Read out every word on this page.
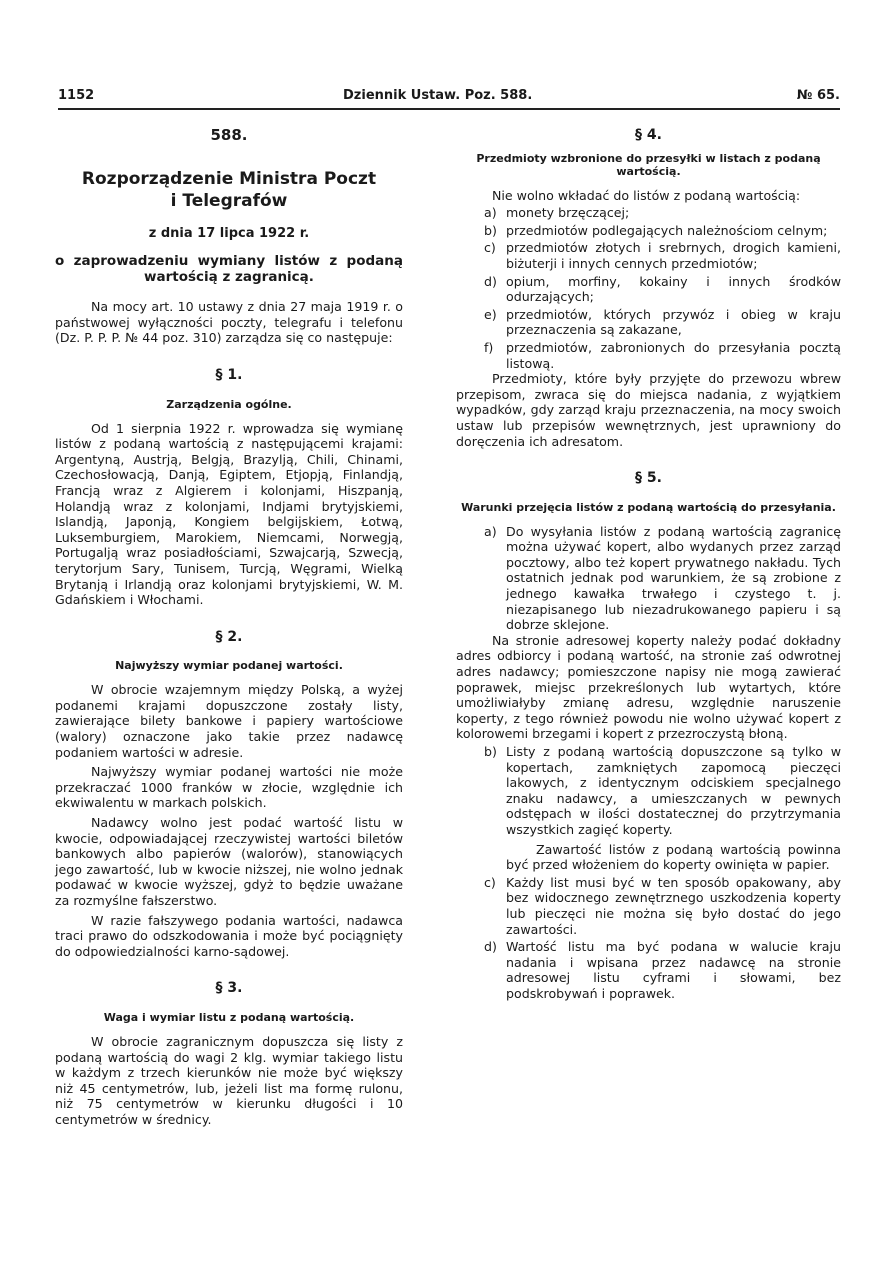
1152	Dziennik Ustaw. Poz. 588.	№ 65.
588.
Rozporządzenie Ministra Poczt
i Telegrafów
z dnia 17 lipca 1922 r.
o zaprowadzeniu wymiany listów z podaną wartością z zagranicą.

Na mocy art. 10 ustawy z dnia 27 maja 1919 r. o państwowej wyłączności poczty, telegrafu i telefonu (Dz. P. P. P. № 44 poz. 310) zarządza się co następuje:

§ 1.
Zarządzenia ogólne.

Od 1 sierpnia 1922 r. wprowadza się wymianę listów z podaną wartością z następującemi krajami: Argentyną, Austrją, Belgją, Brazylją, Chili, Chinami, Czechosłowacją, Danją, Egiptem, Etjopją, Finlandją, Francją wraz z Algierem i kolonjami, Hiszpanją, Holandją wraz z kolonjami, Indjami brytyjskiemi, Islandją, Japonją, Kongiem belgijskiem, Łotwą, Luksemburgiem, Marokiem, Niemcami, Norwegją, Portugalją wraz posiadłościami, Szwajcarją, Szwecją, terytorjum Sary, Tunisem, Turcją, Węgrami, Wielką Brytanją i Irlandją oraz kolonjami brytyjskiemi, W. M. Gdańskiem i Włochami.

§ 2.
Najwyższy wymiar podanej wartości.

W obrocie wzajemnym między Polską, a wyżej podanemi krajami dopuszczone zostały listy, zawierające bilety bankowe i papiery wartościowe (walory) oznaczone jako takie przez nadawcę podaniem wartości w adresie.

Najwyższy wymiar podanej wartości nie może przekraczać 1000 franków w złocie, względnie ich ekwiwalentu w markach polskich.

Nadawcy wolno jest podać wartość listu w kwocie, odpowiadającej rzeczywistej wartości biletów bankowych albo papierów (walorów), stanowiących jego zawartość, lub w kwocie niższej, nie wolno jednak podawać w kwocie wyższej, gdyż to będzie uważane za rozmyślne fałszerstwo.

W razie fałszywego podania wartości, nadawca traci prawo do odszkodowania i może być pociągnięty do odpowiedzialności karno-sądowej.

§ 3.
Waga i wymiar listu z podaną wartością.

W obrocie zagranicznym dopuszcza się listy z podaną wartością do wagi 2 klg. wymiar takiego listu w każdym z trzech kierunków nie może być większy niż 45 centymetrów, lub, jeżeli list ma formę rulonu, niż 75 centymetrów w kierunku długości i 10 centymetrów w średnicy.

§ 4.
Przedmioty wzbronione do przesyłki w listach z podaną wartością.

Nie wolno wkładać do listów z podaną wartością:

a) monety brzęczącej;
b) przedmiotów podlegających należnościom celnym;
c) przedmiotów złotych i srebrnych, drogich kamieni, biżuterji i innych cennych przedmiotów;
d) opium, morfiny, kokainy i innych środków odurzających;
e) przedmiotów, których przywóz i obieg w kraju przeznaczenia są zakazane,
f)	przedmiotów, zabronionych do przesyłania pocztą listową.

Przedmioty, które były przyjęte do przewozu wbrew przepisom, zwraca się do miejsca nadania, z wyjątkiem wypadków, gdy zarząd kraju przeznaczenia, na mocy swoich ustaw lub przepisów wewnętrznych, jest uprawniony do doręczenia ich adresatom.

§ 5.
Warunki przejęcia listów z podaną wartością do przesyłania.
a) Do wysyłania listów z podaną wartością zagranicę można używać kopert, albo wydanych przez zarząd pocztowy, albo też kopert prywatnego nakładu. Tych ostatnich jednak pod warunkiem, że są zrobione z jednego kawałka trwałego i czystego t. j. niezapisanego lub niezadrukowanego papieru i są dobrze sklejone.

Na stronie adresowej koperty należy podać dokładny adres odbiorcy i podaną wartość, na stronie zaś odwrotnej adres nadawcy; pomieszczone napisy nie mogą zawierać poprawek, miejsc przekreślonych lub wytartych, które umożliwiałyby zmianę adresu, względnie naruszenie koperty, z tego również powodu nie wolno używać kopert z kolorowemi brzegami i kopert z przezroczystą błoną.

b) Listy z podaną wartością dopuszczone są tylko w kopertach, zamkniętych zapomocą pieczęci lakowych, z identycznym odciskiem specjalnego znaku nadawcy, a umieszczanych w pewnych odstępach w ilości dostatecznej do przytrzymania wszystkich zagięć koperty.

Zawartość listów z podaną wartością powinna być przed włożeniem do koperty owinięta w papier.

c) Każdy list musi być w ten sposób opakowany, aby bez widocznego zewnętrznego uszkodzenia koperty lub pieczęci nie można się było dostać do jego zawartości.
d) Wartość listu ma być podana w walucie kraju nadania i wpisana przez nadawcę na stronie adresowej listu cyframi i słowami, bez podskrobywań i poprawek.
